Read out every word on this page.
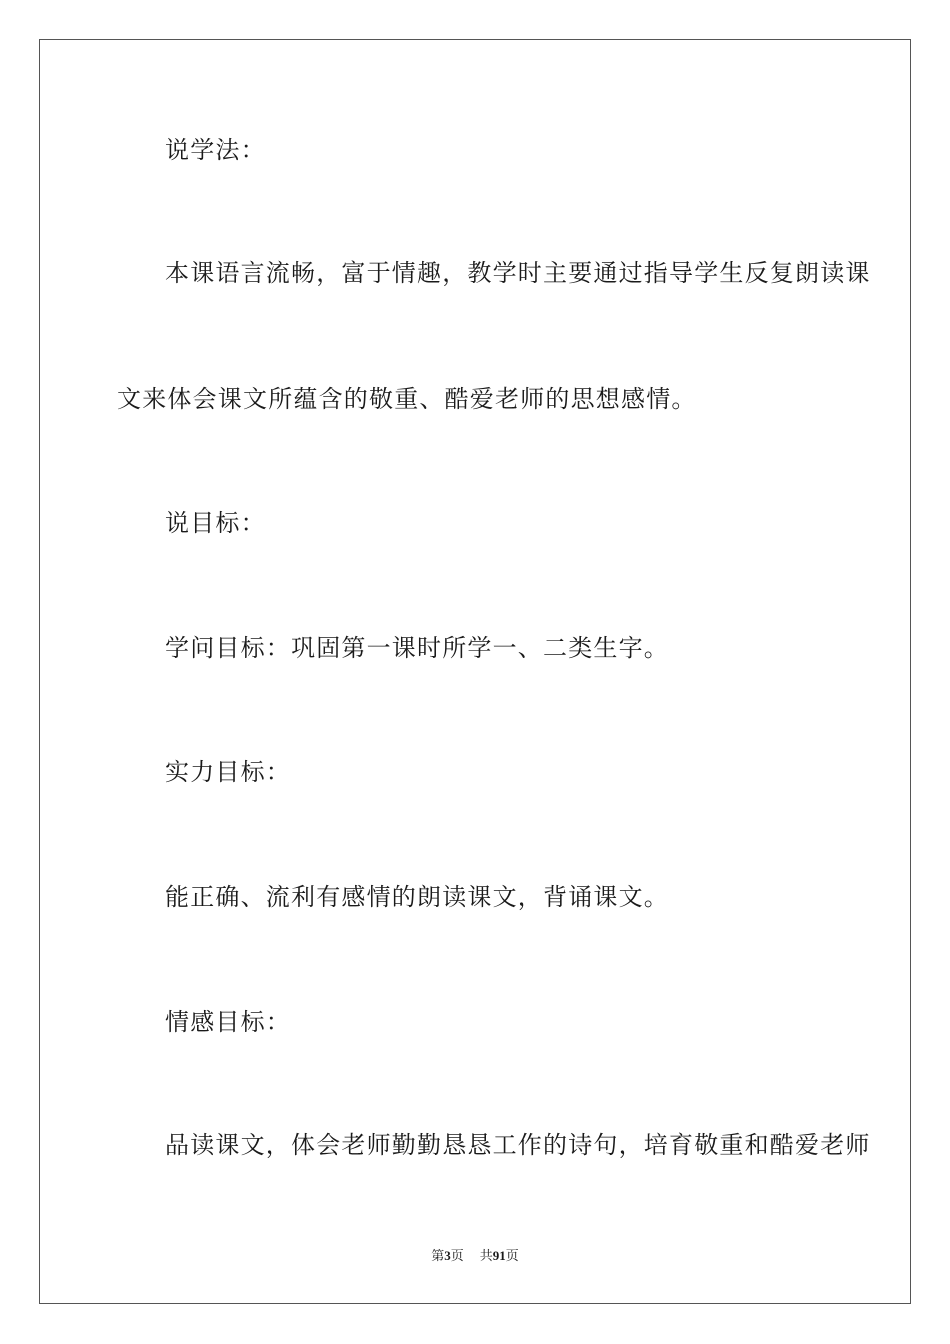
说学法：
本课语言流畅，富于情趣，教学时主要通过指导学生反复朗读课
文来体会课文所蕴含的敬重、酷爱老师的思想感情。
说目标：
学问目标：巩固第一课时所学一、二类生字。
实力目标：
能正确、流利有感情的朗读课文，背诵课文。
情感目标：
品读课文，体会老师勤勤恳恳工作的诗句，培育敬重和酷爱老师
第3页 共91页
